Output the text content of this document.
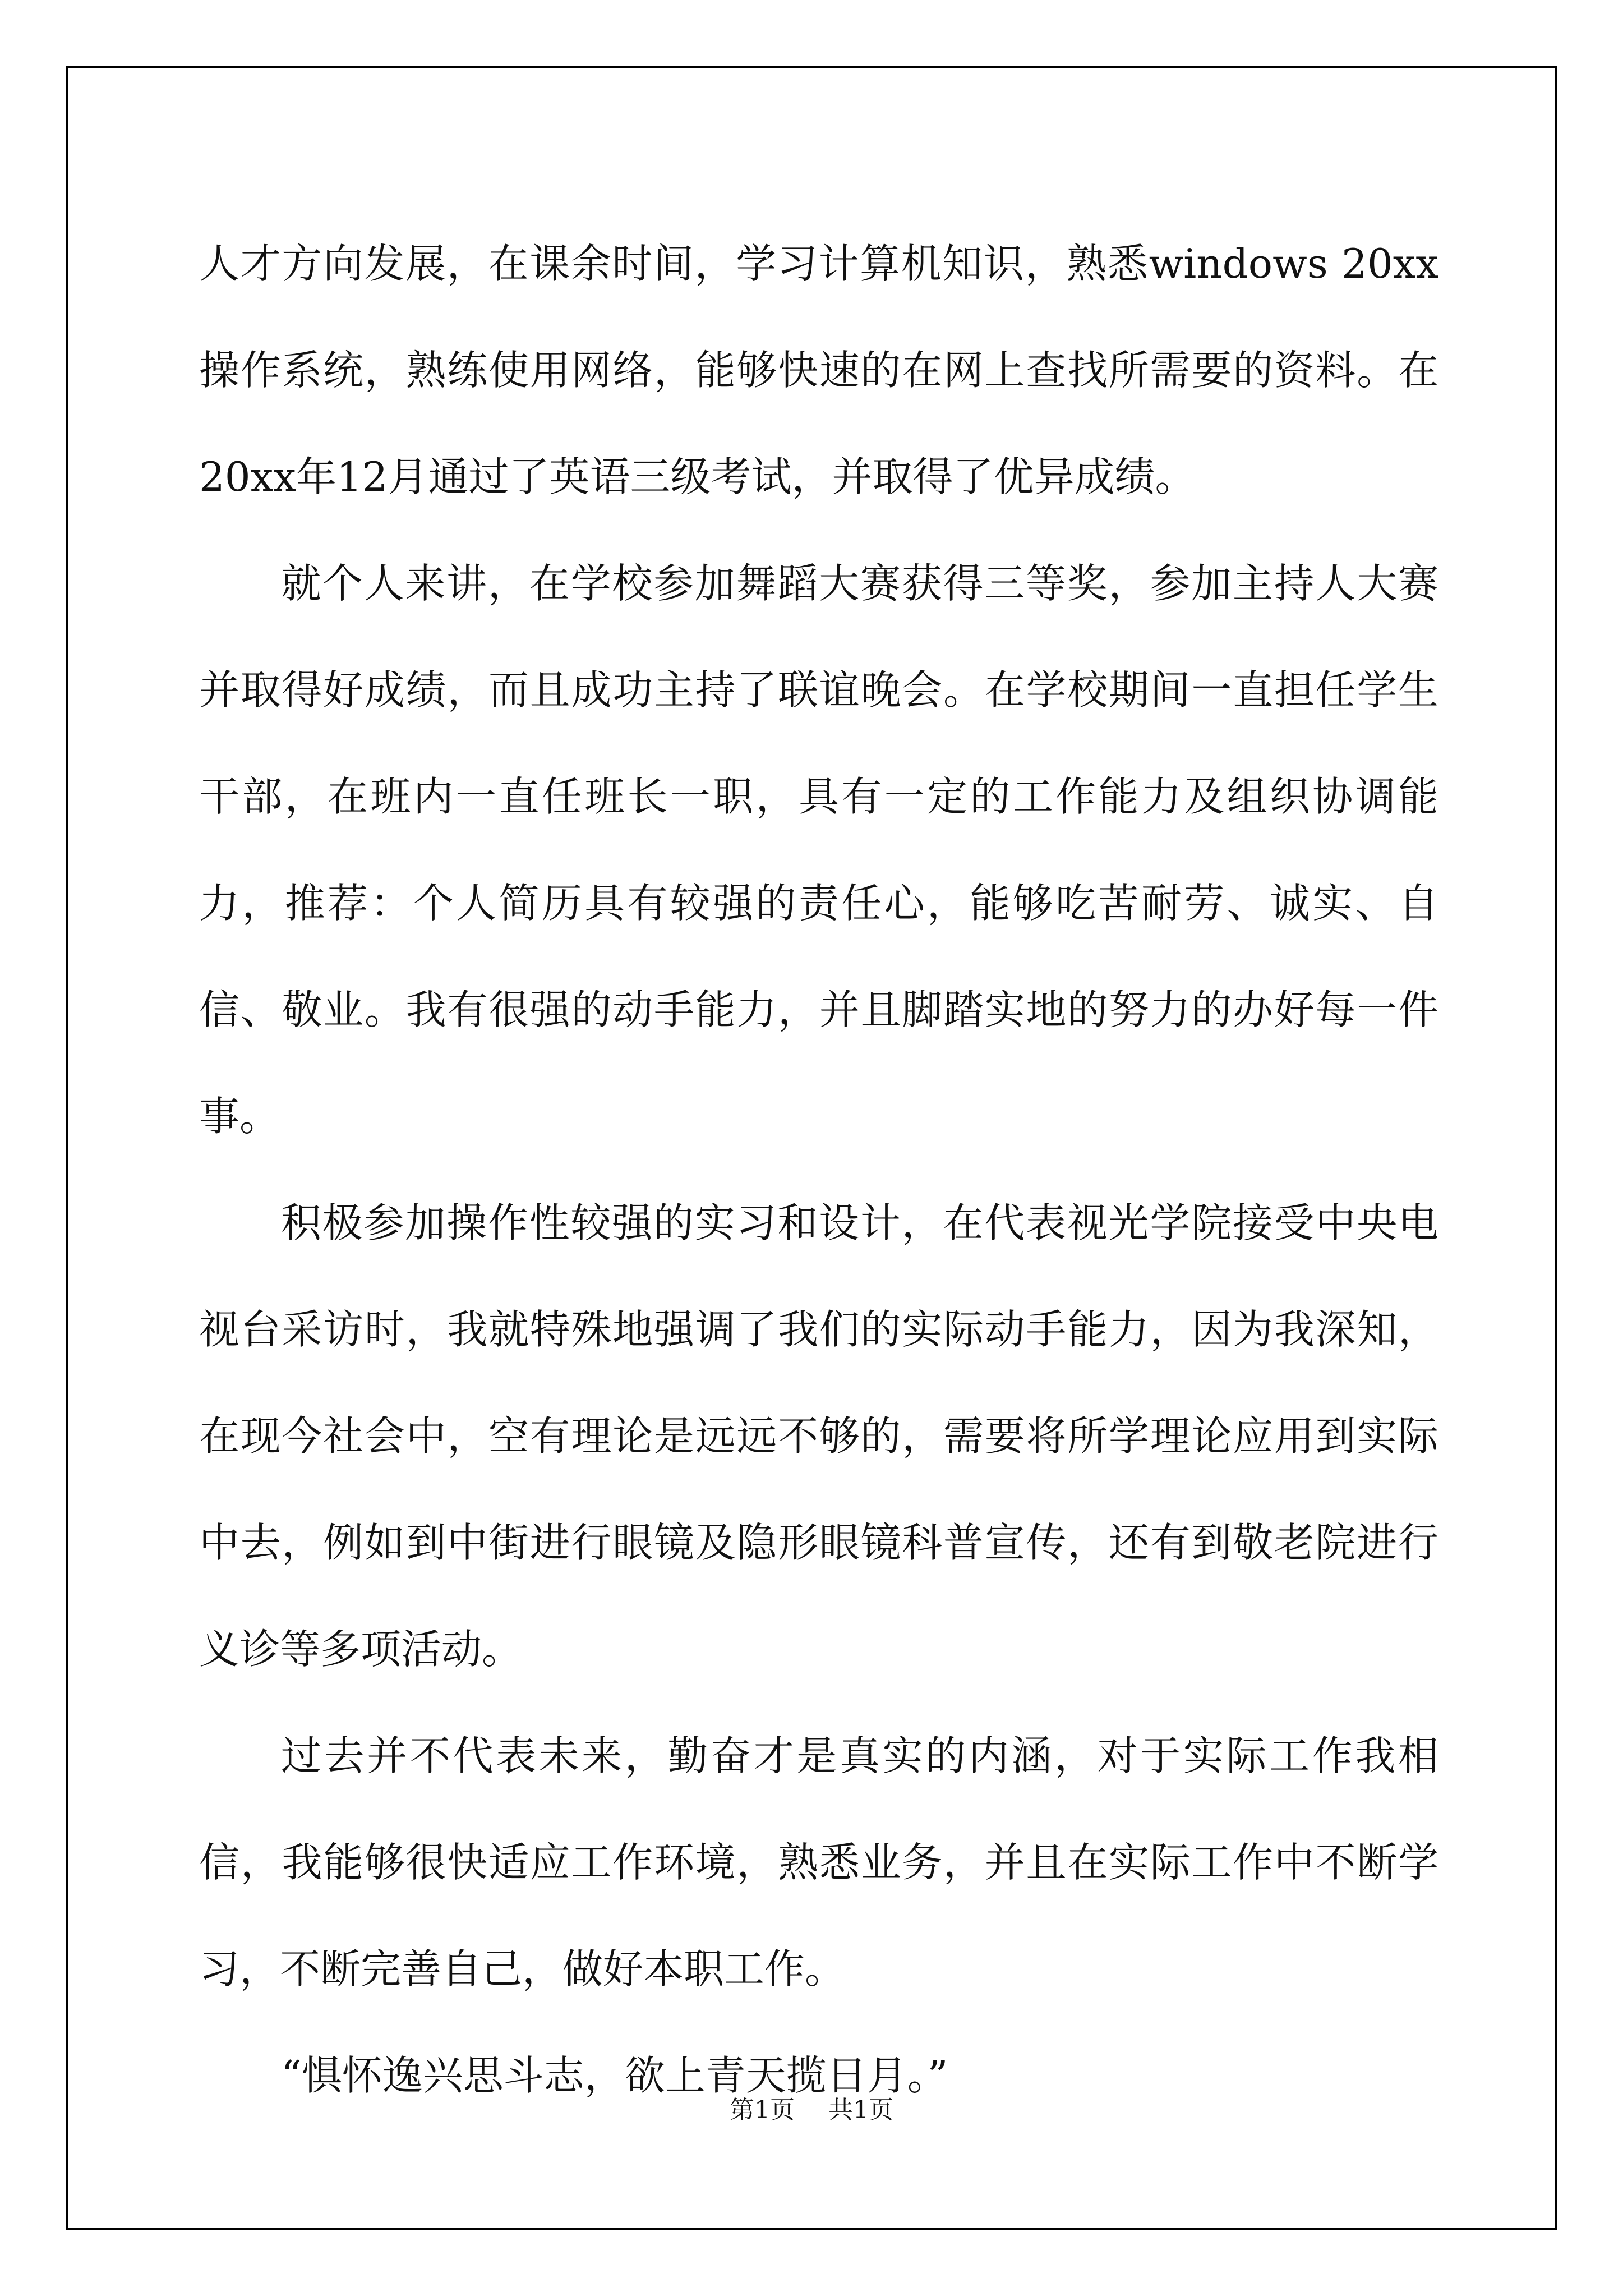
人才方向发展，在课余时间，学习计算机知识，熟悉windows 20xx操作系统，熟练使用网络，能够快速的在网上查找所需要的资料。在20xx年12月通过了英语三级考试，并取得了优异成绩。

就个人来讲，在学校参加舞蹈大赛获得三等奖，参加主持人大赛并取得好成绩，而且成功主持了联谊晚会。在学校期间一直担任学生干部，在班内一直任班长一职，具有一定的工作能力及组织协调能力，推荐：个人简历具有较强的责任心，能够吃苦耐劳、诚实、自信、敬业。我有很强的动手能力，并且脚踏实地的努力的办好每一件事。

积极参加操作性较强的实习和设计，在代表视光学院接受中央电视台采访时，我就特殊地强调了我们的实际动手能力，因为我深知，在现今社会中，空有理论是远远不够的，需要将所学理论应用到实际中去，例如到中街进行眼镜及隐形眼镜科普宣传，还有到敬老院进行义诊等多项活动。

过去并不代表未来，勤奋才是真实的内涵，对于实际工作我相信，我能够很快适应工作环境，熟悉业务，并且在实际工作中不断学习，不断完善自己，做好本职工作。

“惧怀逸兴思斗志，欲上青天揽日月。”

第1页 共1页
